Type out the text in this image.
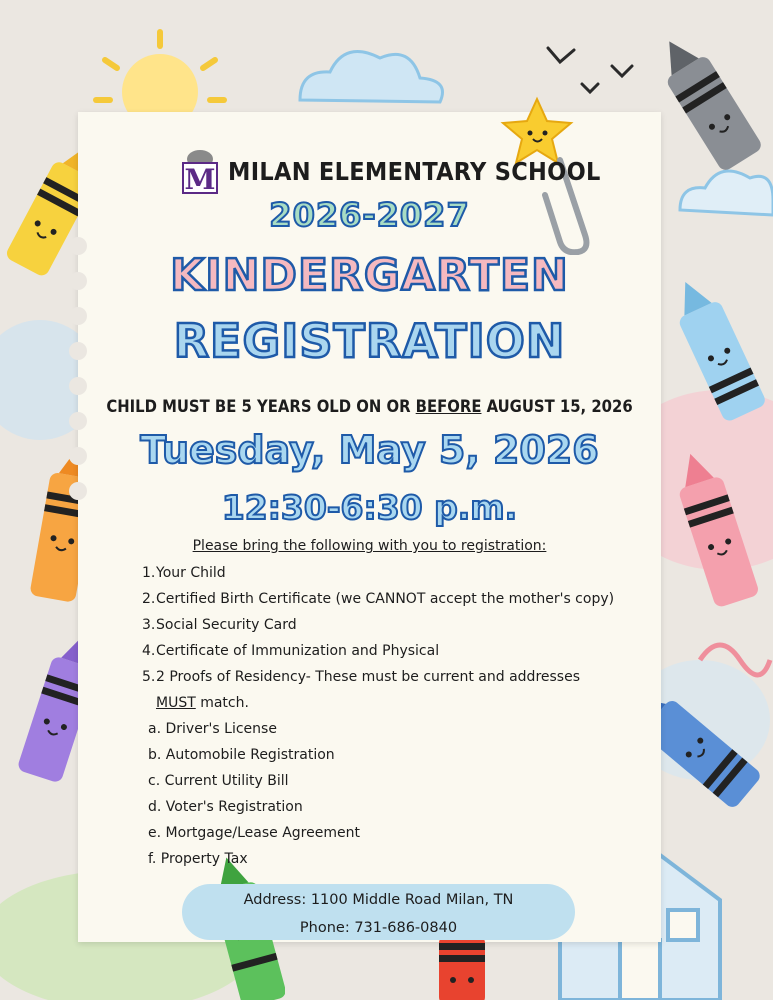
M MILAN ELEMENTARY SCHOOL
2026-2027
KINDERGARTEN
REGISTRATION
CHILD MUST BE 5 YEARS OLD ON OR BEFORE AUGUST 15, 2026
Tuesday, May 5, 2026
12:30-6:30 p.m.
Please bring the following with you to registration:
1.Your Child
2.Certified Birth Certificate (we CANNOT accept the mother's copy)
3.Social Security Card
4.Certificate of Immunization and Physical
5.2 Proofs of Residency- These must be current and addresses
MUST match.
a. Driver's License
b. Automobile Registration
c. Current Utility Bill
d. Voter's Registration
e. Mortgage/Lease Agreement
f. Property Tax
Address: 1100 Middle Road Milan, TN
Phone: 731-686-0840
